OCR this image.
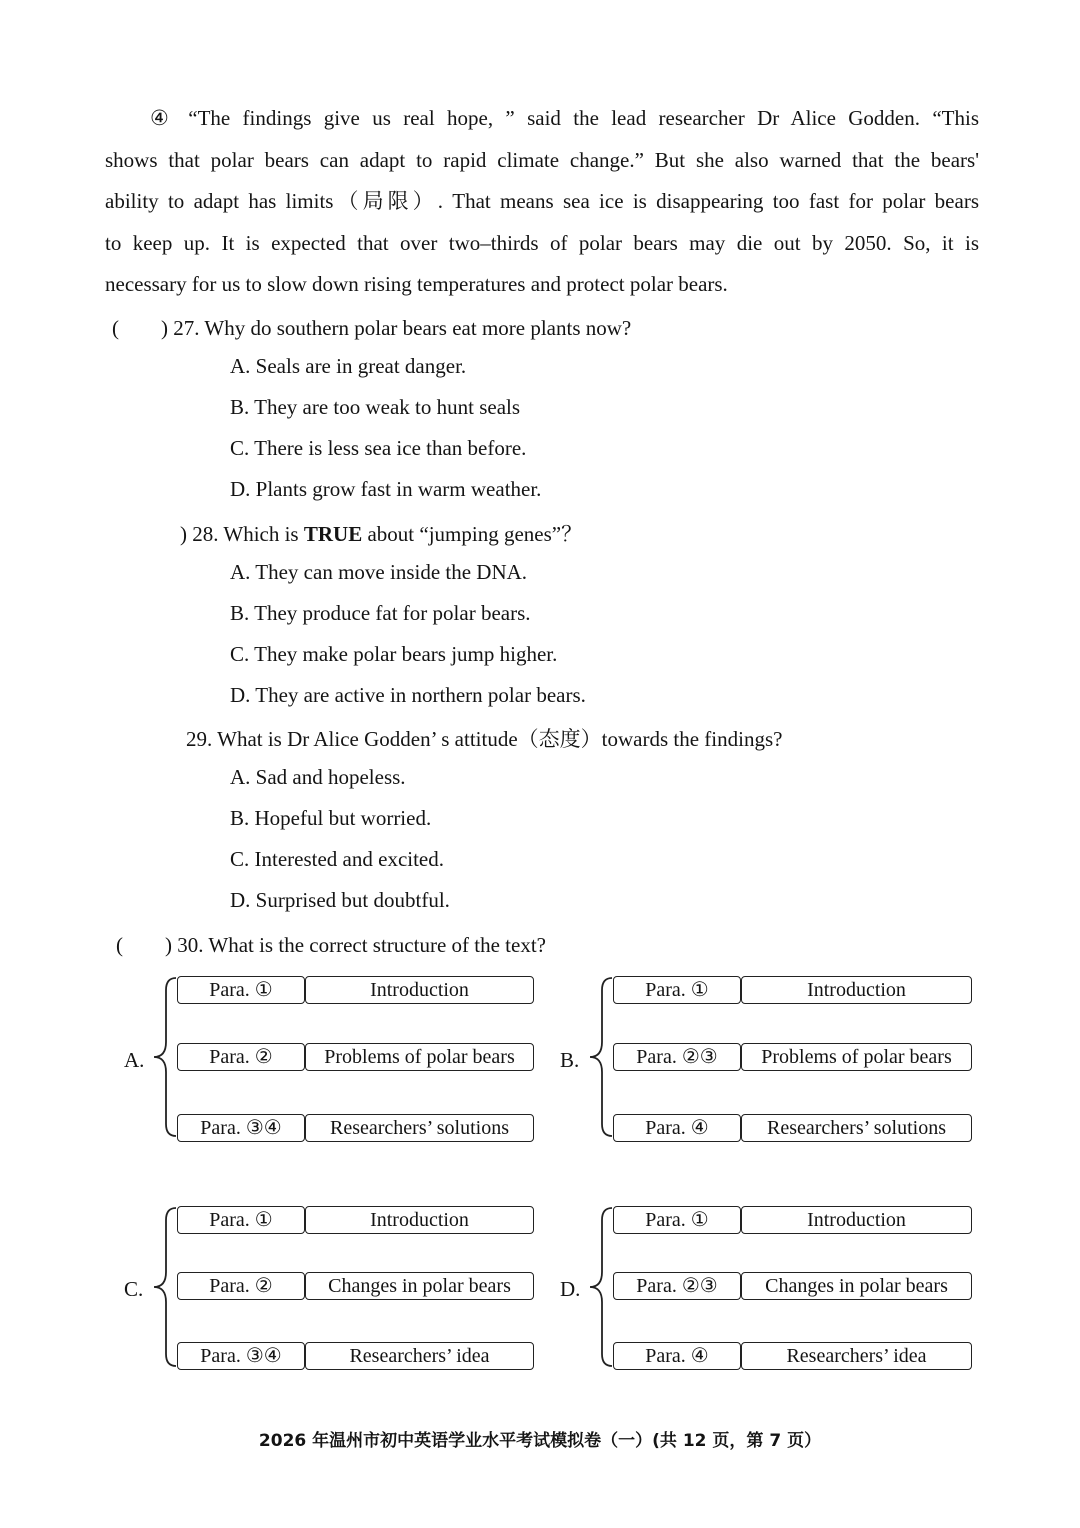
④ “The findings give us real hope, ” said the lead researcher Dr Alice Godden. “This
shows that polar bears can adapt to rapid climate change.” But she also warned that the bears'
ability to adapt has limits（局限）. That means sea ice is disappearing too fast for polar bears
to keep up. It is expected that over two–thirds of polar bears may die out by 2050. So, it is
necessary for us to slow down rising temperatures and protect polar bears.
(　　) 27. Why do southern polar bears eat more plants now?
A. Seals are in great danger.
B. They are too weak to hunt seals
C. There is less sea ice than before.
D. Plants grow fast in warm weather.
) 28. Which is TRUE about “jumping genes”？
A. They can move inside the DNA.
B. They produce fat for polar bears.
C. They make polar bears jump higher.
D. They are active in northern polar bears.
29. What is Dr Alice Godden’ s attitude（态度）towards the findings?
A. Sad and hopeless.
B. Hopeful but worried.
C. Interested and excited.
D. Surprised but doubtful.
(　　) 30. What is the correct structure of the text?
A.
Para. ①	Introduction
Para. ②	Problems of polar bears
Para. ③④	Researchers’ solutions
B.
Para. ①	Introduction
Para. ②③	Problems of polar bears
Para. ④	Researchers’ solutions
C.
Para. ①	Introduction
Para. ②	Changes in polar bears
Para. ③④	Researchers’ idea
D.
Para. ①	Introduction
Para. ②③	Changes in polar bears
Para. ④	Researchers’ idea
2026 年温州市初中英语学业水平考试模拟卷（一）(共 12 页，第 7 页）
